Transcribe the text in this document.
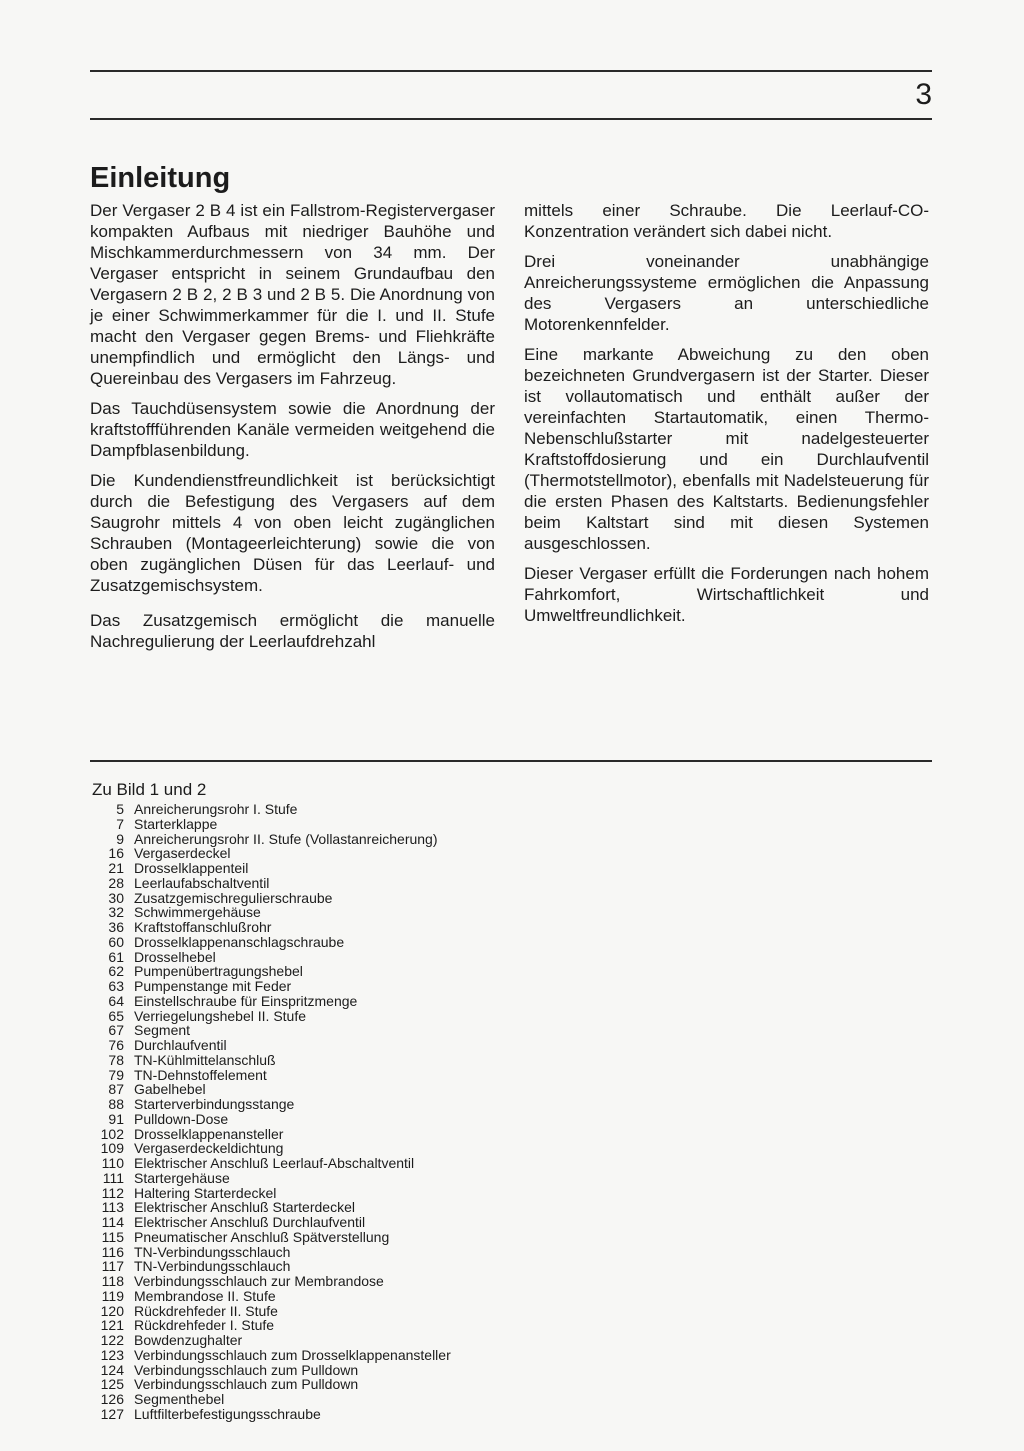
3
Einleitung

Der Vergaser 2 B 4 ist ein Fallstrom-Registervergaser kompakten Aufbaus mit niedriger Bauhöhe und Mischkammerdurchmessern von 34 mm. Der Vergaser entspricht in seinem Grundaufbau den Vergasern 2 B 2, 2 B 3 und 2 B 5. Die Anordnung von je einer Schwimmerkammer für die I. und II. Stufe macht den Vergaser gegen Brems- und Fliehkräfte unempfindlich und ermöglicht den Längs- und Quereinbau des Vergasers im Fahrzeug.

Das Tauchdüsensystem sowie die Anordnung der kraftstoffführenden Kanäle vermeiden weitgehend die Dampfblasenbildung.

Die Kundendienstfreundlichkeit ist berücksichtigt durch die Befestigung des Vergasers auf dem Saugrohr mittels 4 von oben leicht zugänglichen Schrauben (Montageerleichterung) sowie die von oben zugänglichen Düsen für das Leerlauf- und Zusatzgemischsystem.

Das Zusatzgemisch ermöglicht die manuelle Nachregulierung der Leerlaufdrehzahl

mittels einer Schraube. Die Leerlauf-CO-Konzentration verändert sich dabei nicht.

Drei voneinander unabhängige Anreicherungssysteme ermöglichen die Anpassung des Vergasers an unterschiedliche Motorenkennfelder.

Eine markante Abweichung zu den oben bezeichneten Grundvergasern ist der Starter. Dieser ist vollautomatisch und enthält außer der vereinfachten Startautomatik, einen Thermo-Nebenschlußstarter mit nadelgesteuerter Kraftstoffdosierung und ein Durchlaufventil (Thermotstellmotor), ebenfalls mit Nadelsteuerung für die ersten Phasen des Kaltstarts. Bedienungsfehler beim Kaltstart sind mit diesen Systemen ausgeschlossen.

Dieser Vergaser erfüllt die Forderungen nach hohem Fahrkomfort, Wirtschaftlichkeit und Umweltfreundlichkeit.

Zu Bild 1 und 2
5 Anreicherungsrohr I. Stufe
7 Starterklappe
9 Anreicherungsrohr II. Stufe (Vollastanreicherung)
16 Vergaserdeckel
21 Drosselklappenteil
28 Leerlaufabschaltventil
30 Zusatzgemischregulierschraube
32 Schwimmergehäuse
36 Kraftstoffanschlußrohr
60 Drosselklappenanschlagschraube
61 Drosselhebel
62 Pumpenübertragungshebel
63 Pumpenstange mit Feder
64 Einstellschraube für Einspritzmenge
65 Verriegelungshebel II. Stufe
67 Segment
76 Durchlaufventil
78 TN-Kühlmittelanschluß
79 TN-Dehnstoffelement
87 Gabelhebel
88 Starterverbindungsstange
91 Pulldown-Dose
102 Drosselklappenansteller
109 Vergaserdeckeldichtung
110 Elektrischer Anschluß Leerlauf-Abschaltventil
111 Startergehäuse
112 Haltering Starterdeckel
113 Elektrischer Anschluß Starterdeckel
114 Elektrischer Anschluß Durchlaufventil
115 Pneumatischer Anschluß Spätverstellung
116 TN-Verbindungsschlauch
117 TN-Verbindungsschlauch
118 Verbindungsschlauch zur Membrandose
119 Membrandose II. Stufe
120 Rückdrehfeder II. Stufe
121 Rückdrehfeder I. Stufe
122 Bowdenzughalter
123 Verbindungsschlauch zum Drosselklappenansteller
124 Verbindungsschlauch zum Pulldown
125 Verbindungsschlauch zum Pulldown
126 Segmenthebel
127 Luftfilterbefestigungsschraube
